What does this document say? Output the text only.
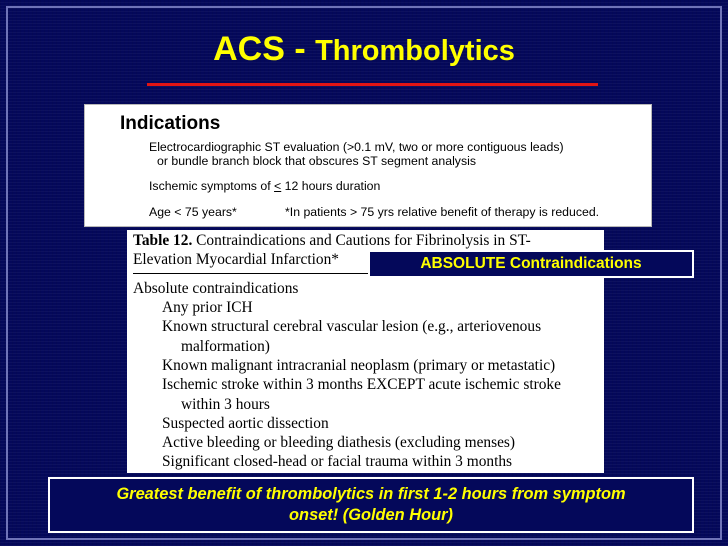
ACS - Thrombolytics
Indications
Electrocardiographic ST evaluation (>0.1 mV, two or more contiguous leads)
or bundle branch block that obscures ST segment analysis
Ischemic symptoms of ≤ 12 hours duration
Age < 75 years*	*In patients > 75 yrs relative benefit of therapy is reduced.
Table 12. Contraindications and Cautions for Fibrinolysis in ST-
Elevation Myocardial Infarction*
Absolute contraindications
Any prior ICH
Known structural cerebral vascular lesion (e.g., arteriovenous
malformation)
Known malignant intracranial neoplasm (primary or metastatic)
Ischemic stroke within 3 months EXCEPT acute ischemic stroke
within 3 hours
Suspected aortic dissection
Active bleeding or bleeding diathesis (excluding menses)
Significant closed-head or facial trauma within 3 months
ABSOLUTE Contraindications
Greatest benefit of thrombolytics in first 1-2 hours from symptom
onset! (Golden Hour)
